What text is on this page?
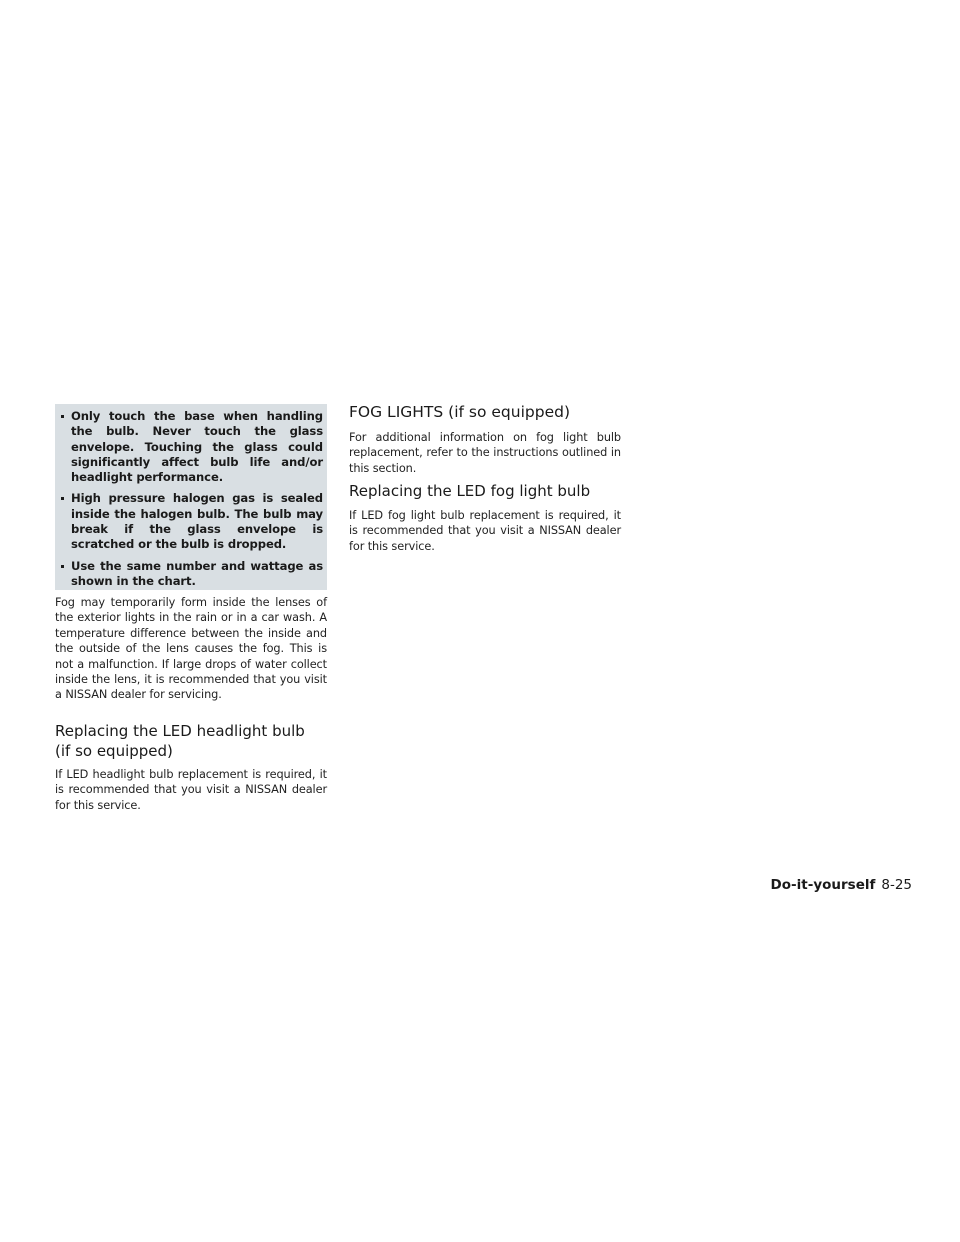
Only touch the base when handling the bulb. Never touch the glass envelope. Touching the glass could significantly affect bulb life and/or headlight performance.
High pressure halogen gas is sealed inside the halogen bulb. The bulb may break if the glass envelope is scratched or the bulb is dropped.
Use the same number and wattage as shown in the chart.

Fog may temporarily form inside the lenses of the exterior lights in the rain or in a car wash. A temperature difference between the inside and the outside of the lens causes the fog. This is not a malfunction. If large drops of water collect inside the lens, it is recommended that you visit a NISSAN dealer for servicing.

Replacing the LED headlight bulb
(if so equipped)

If LED headlight bulb replacement is required, it is recommended that you visit a NISSAN dealer for this service.

FOG LIGHTS (if so equipped)

For additional information on fog light bulb replacement, refer to the instructions outlined in this section.

Replacing the LED fog light bulb

If LED fog light bulb replacement is required, it is recommended that you visit a NISSAN dealer for this service.

Do-it-yourself 8-25
